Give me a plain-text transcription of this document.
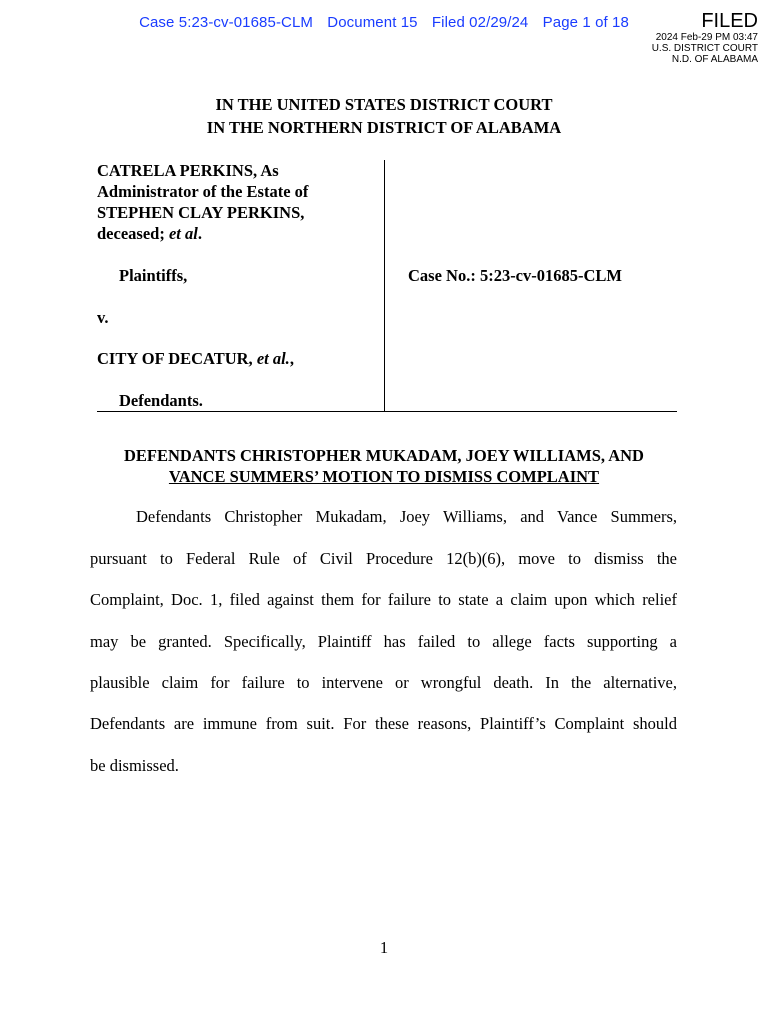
Case 5:23-cv-01685-CLM Document 15 Filed 02/29/24 Page 1 of 18	FILED
2024 Feb-29 PM 03:47
U.S. DISTRICT COURT
N.D. OF ALABAMA
IN THE UNITED STATES DISTRICT COURT
IN THE NORTHERN DISTRICT OF ALABAMA
CATRELA PERKINS, As
Administrator of the Estate of
STEPHEN CLAY PERKINS,
deceased; et al.
Plaintiffs,
v.
CITY OF DECATUR, et al.,
Defendants.
Case No.: 5:23-cv-01685-CLM
DEFENDANTS CHRISTOPHER MUKADAM, JOEY WILLIAMS, AND
VANCE SUMMERS’ MOTION TO DISMISS COMPLAINT
Defendants Christopher Mukadam, Joey Williams, and Vance Summers,
pursuant to Federal Rule of Civil Procedure 12(b)(6), move to dismiss the
Complaint, Doc. 1, filed against them for failure to state a claim upon which relief
may be granted. Specifically, Plaintiff has failed to allege facts supporting a
plausible claim for failure to intervene or wrongful death. In the alternative,
Defendants are immune from suit. For these reasons, Plaintiff’s Complaint should
be dismissed.
1
